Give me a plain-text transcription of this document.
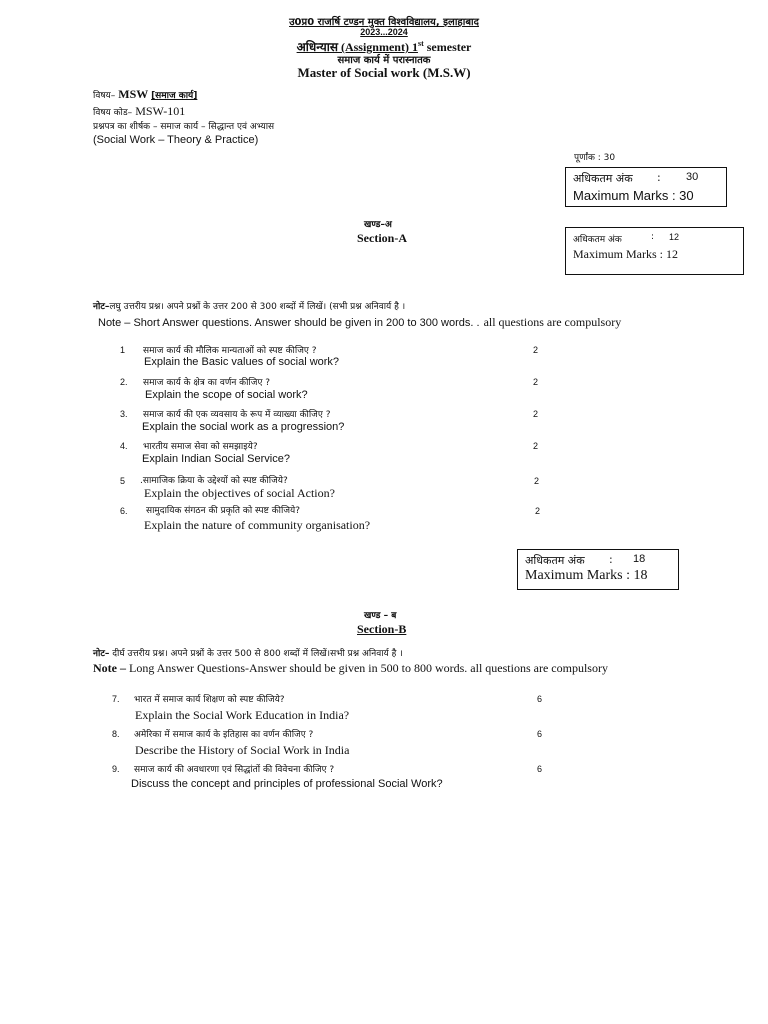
उ0प्र0 राजर्षि टण्डन मुक्त विश्वविद्यालय, इलाहाबाद
2023...2024
अधिन्यास (Assignment) 1st semester
समाज कार्य में परास्नातक
Master of Social work (M.S.W)
विषय– MSW [समाज कार्य]
विषय कोड– MSW-101
प्रश्नपत्र का शीर्षक – समाज कार्य – सिद्धान्त एवं अभ्यास
(Social Work – Theory & Practice)
पूर्णांक : 30
अधिकतम अंक : 30
Maximum Marks : 30
खण्ड–अ
Section-A	अधिकतम अंक	: 12
Maximum Marks : 12
नोट–लघु उत्तरीय प्रश्न। अपने प्रश्नों के उत्तर 200 से 300 शब्दों में लिखें। (सभी प्रश्न अनिवार्य है ।
Note – Short Answer questions. Answer should be given in 200 to 300 words. . all questions are compulsory
1 समाज कार्य की मौलिक मान्यताओं को स्पष्ट कीजिए ?	2
Explain the Basic values of social work?
2. समाज कार्य के क्षेत्र का वर्णन कीजिए ?	2
Explain the scope of social work?
3. समाज कार्य की एक व्यवसाय के रूप में व्याख्या कीजिए ?	2
Explain the social work as a progression?
4. भारतीय समाज सेवा को समझाइये?	2
Explain Indian Social Service?
5 .सामाजिक क्रिया के उद्देश्यों को स्पष्ट कीजिये?	2
Explain the objectives of social Action?
6. सामुदायिक संगठन की प्रकृति को स्पष्ट कीजिये?	2
Explain the nature of community organisation?
अधिकतम अंक : 18
Maximum Marks : 18
खण्ड – ब
Section-B
नोट– दीर्घ उत्तरीय प्रश्न। अपने प्रश्नों के उत्तर 500 से 800 शब्दों में लिखें।सभी प्रश्न अनिवार्य है ।
Note – Long Answer Questions-Answer should be given in 500 to 800 words. all questions are compulsory
7. भारत में समाज कार्य शिक्षण को स्पष्ट कीजिये?	6
Explain the Social Work Education in India?
8. अमेरिका में समाज कार्य के इतिहास का वर्णन कीजिए ?	6
Describe the History of Social Work in India
9. समाज कार्य की अवधारणा एवं सिद्धांतों की विवेचना कीजिए ?	6
Discuss the concept and principles of professional Social Work?
